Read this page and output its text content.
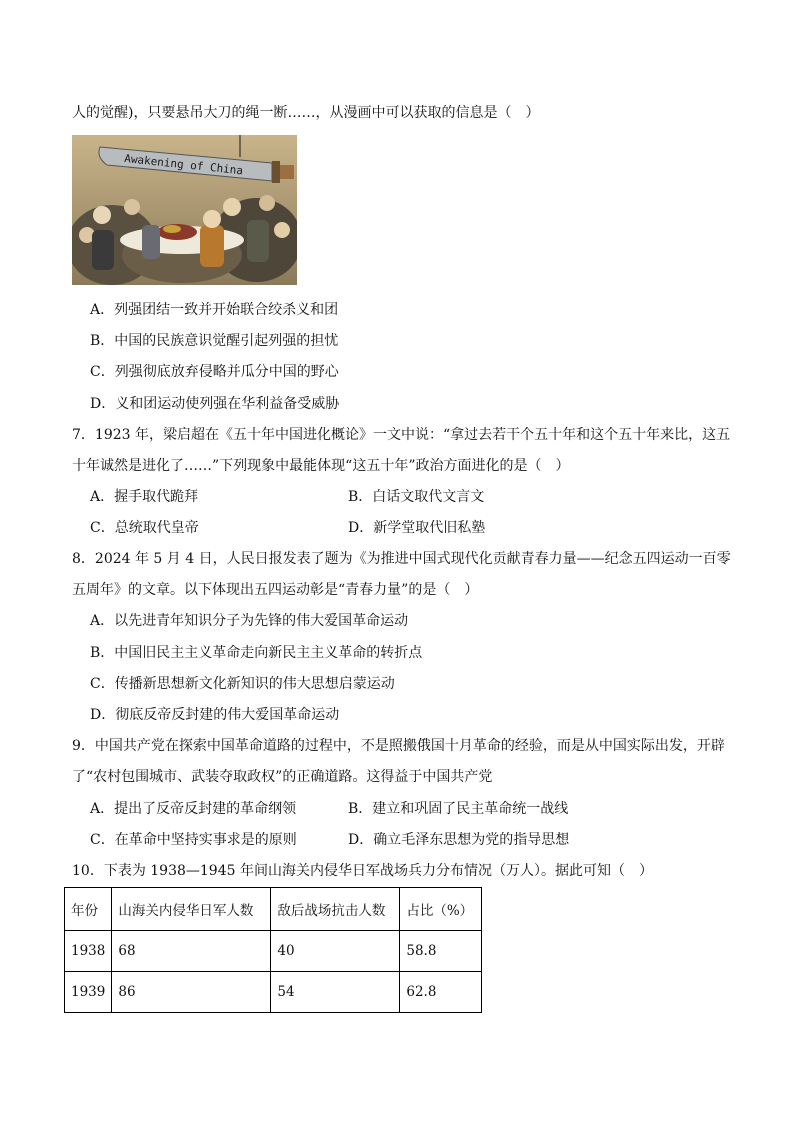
人的觉醒)，只要悬吊大刀的绳一断……，从漫画中可以获取的信息是（　）
Awakening of China
A．列强团结一致并开始联合绞杀义和团
B．中国的民族意识觉醒引起列强的担忧
C．列强彻底放弃侵略并瓜分中国的野心
D．义和团运动使列强在华利益备受威胁
7．1923 年，梁启超在《五十年中国进化概论》一文中说：“拿过去若干个五十年和这个五十年来比，这五
十年诚然是进化了……”下列现象中最能体现“这五十年”政治方面进化的是（　）
A．握手取代跪拜	B．白话文取代文言文
C．总统取代皇帝	D．新学堂取代旧私塾
8．2024 年 5 月 4 日，人民日报发表了题为《为推进中国式现代化贡献青春力量——纪念五四运动一百零
五周年》的文章。以下体现出五四运动彰是“青春力量”的是（　）
A．以先进青年知识分子为先锋的伟大爱国革命运动
B．中国旧民主主义革命走向新民主主义革命的转折点
C．传播新思想新文化新知识的伟大思想启蒙运动
D．彻底反帝反封建的伟大爱国革命运动
9．中国共产党在探索中国革命道路的过程中，不是照搬俄国十月革命的经验，而是从中国实际出发，开辟
了“农村包围城市、武装夺取政权”的正确道路。这得益于中国共产党
A．提出了反帝反封建的革命纲领	B．建立和巩固了民主革命统一战线
C．在革命中坚持实事求是的原则	D．确立毛泽东思想为党的指导思想
10．下表为 1938—1945 年间山海关内侵华日军战场兵力分布情况（万人）。据此可知（　）
年份	山海关内侵华日军人数	敌后战场抗击人数	占比（%）
1938	68	40	58.8
1939	86	54	62.8
